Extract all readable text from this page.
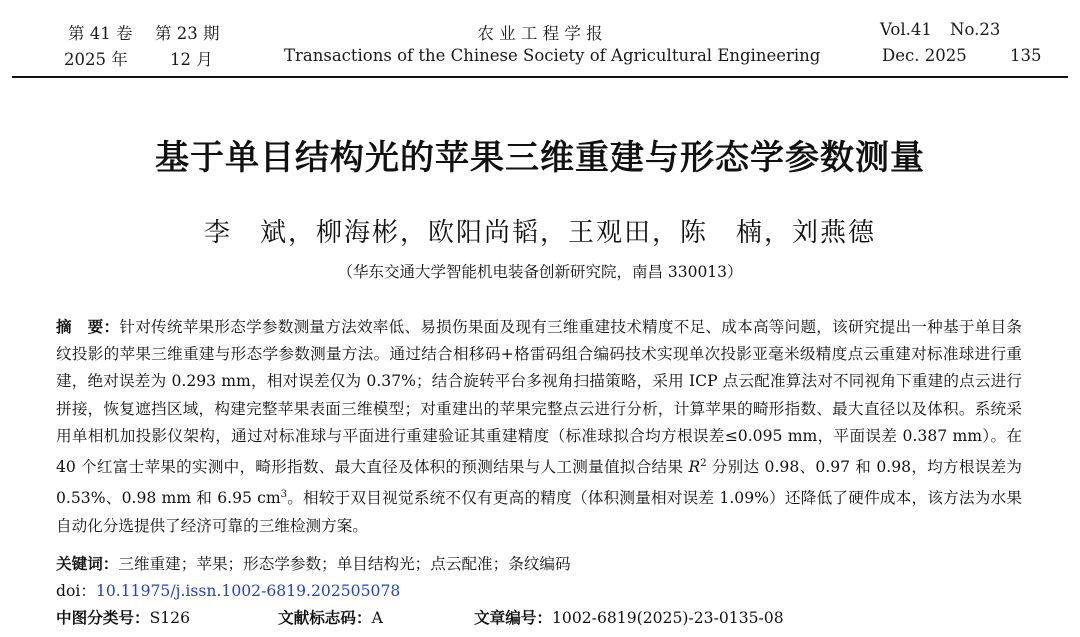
第 41 卷 第 23 期
2025 年	12 月
农 业 工 程 学 报
Transactions of the Chinese Society of Agricultural Engineering
Vol.41 No.23
Dec. 2025	135
基于单目结构光的苹果三维重建与形态学参数测量
李　斌，柳海彬，欧阳尚韬，王观田，陈　楠，刘燕德
（华东交通大学智能机电装备创新研究院，南昌 330013）
摘　要：针对传统苹果形态学参数测量方法效率低、易损伤果面及现有三维重建技术精度不足、成本高等问题，该研究提出一种基于单目条纹投影的苹果三维重建与形态学参数测量方法。通过结合相移码+格雷码组合编码技术实现单次投影亚毫米级精度点云重建对标准球进行重建，绝对误差为 0.293 mm，相对误差仅为 0.37%；结合旋转平台多视角扫描策略，采用 ICP 点云配准算法对不同视角下重建的点云进行拼接，恢复遮挡区域，构建完整苹果表面三维模型；对重建出的苹果完整点云进行分析，计算苹果的畸形指数、最大直径以及体积。系统采用单相机加投影仪架构，通过对标准球与平面进行重建验证其重建精度（标准球拟合均方根误差≤0.095 mm，平面误差 0.387 mm）。在 40 个红富士苹果的实测中，畸形指数、最大直径及体积的预测结果与人工测量值拟合结果 $R^2$ 分别达 0.98、0.97 和 0.98，均方根误差为 0.53%、0.98 mm 和 6.95 $cm^3$。相较于双目视觉系统不仅有更高的精度（体积测量相对误差 1.09%）还降低了硬件成本，该方法为水果自动化分选提供了经济可靠的三维检测方案。
关键词：三维重建；苹果；形态学参数；单目结构光；点云配准；条纹编码
doi：10.11975/j.issn.1002-6819.202505078
中图分类号：S126	文献标志码：A	文章编号：1002-6819(2025)-23-0135-08
